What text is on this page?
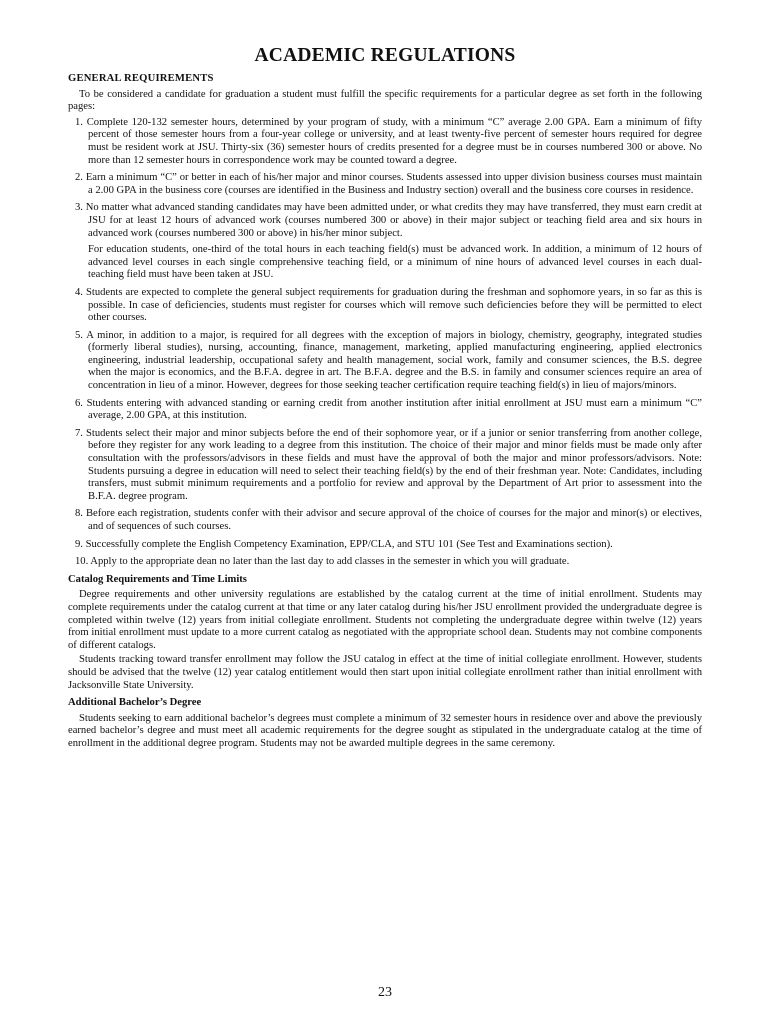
ACADEMIC REGULATIONS
GENERAL REQUIREMENTS

To be considered a candidate for graduation a student must fulfill the specific requirements for a particular degree as set forth in the following pages:

1. Complete 120-132 semester hours, determined by your program of study, with a minimum “C” average 2.00 GPA. Earn a minimum of fifty percent of those semester hours from a four-year college or university, and at least twenty-five percent of semester hours required for degree must be resident work at JSU. Thirty-six (36) semester hours of credits presented for a degree must be in courses numbered 300 or above. No more than 12 semester hours in correspondence work may be counted toward a degree.
2. Earn a minimum “C” or better in each of his/her major and minor courses. Students assessed into upper division business courses must maintain a 2.00 GPA in the business core (courses are identified in the Business and Industry section) overall and the business core courses in residence.
3. No matter what advanced standing candidates may have been admitted under, or what credits they may have transferred, they must earn credit at JSU for at least 12 hours of advanced work (courses numbered 300 or above) in their major subject or teaching field area and six hours in advanced work (courses numbered 300 or above) in his/her minor subject.

For education students, one-third of the total hours in each teaching field(s) must be advanced work. In addition, a minimum of 12 hours of advanced level courses in each single comprehensive teaching field, or a minimum of nine hours of advanced level courses in each dual-teaching field must have been taken at JSU.

4. Students are expected to complete the general subject requirements for graduation during the freshman and sophomore years, in so far as this is possible. In case of deficiencies, students must register for courses which will remove such deficiencies before they will be permitted to elect other courses.
5. A minor, in addition to a major, is required for all degrees with the exception of majors in biology, chemistry, geography, integrated studies (formerly liberal studies), nursing, accounting, finance, management, marketing, applied manufacturing engineering, applied electronics engineering, industrial leadership, occupational safety and health management, social work, family and consumer sciences, the B.S. degree when the major is economics, and the B.F.A. degree in art. The B.F.A. degree and the B.S. in family and consumer sciences require an area of concentration in lieu of a minor. However, degrees for those seeking teacher certification require teaching field(s) in lieu of majors/minors.
6. Students entering with advanced standing or earning credit from another institution after initial enrollment at JSU must earn a minimum “C” average, 2.00 GPA, at this institution.
7. Students select their major and minor subjects before the end of their sophomore year, or if a junior or senior transferring from another college, before they register for any work leading to a degree from this institution. The choice of their major and minor fields must be made only after consultation with the professors/advisors in these fields and must have the approval of both the major and minor professors/advisors. Note: Students pursuing a degree in education will need to select their teaching field(s) by the end of their freshman year. Note: Candidates, including transfers, must submit minimum requirements and a portfolio for review and approval by the Department of Art prior to assessment into the B.F.A. degree program.
8. Before each registration, students confer with their advisor and secure approval of the choice of courses for the major and minor(s) or electives, and of sequences of such courses.
9. Successfully complete the English Competency Examination, EPP/CLA, and STU 101 (See Test and Examinations section).
10. Apply to the appropriate dean no later than the last day to add classes in the semester in which you will graduate.
Catalog Requirements and Time Limits

Degree requirements and other university regulations are established by the catalog current at the time of initial enrollment. Students may complete requirements under the catalog current at that time or any later catalog during his/her JSU enrollment provided the undergraduate degree is completed within twelve (12) years from initial collegiate enrollment. Students not completing the undergraduate degree within twelve (12) years from initial enrollment must update to a more current catalog as negotiated with the appropriate school dean. Students may not combine components of different catalogs.

Students tracking toward transfer enrollment may follow the JSU catalog in effect at the time of initial collegiate enrollment. However, students should be advised that the twelve (12) year catalog entitlement would then start upon initial collegiate enrollment rather than initial enrollment with Jacksonville State University.

Additional Bachelor’s Degree

Students seeking to earn additional bachelor’s degrees must complete a minimum of 32 semester hours in residence over and above the previously earned bachelor’s degree and must meet all academic requirements for the degree sought as stipulated in the undergraduate catalog at the time of enrollment in the additional degree program. Students may not be awarded multiple degrees in the same ceremony.

23
